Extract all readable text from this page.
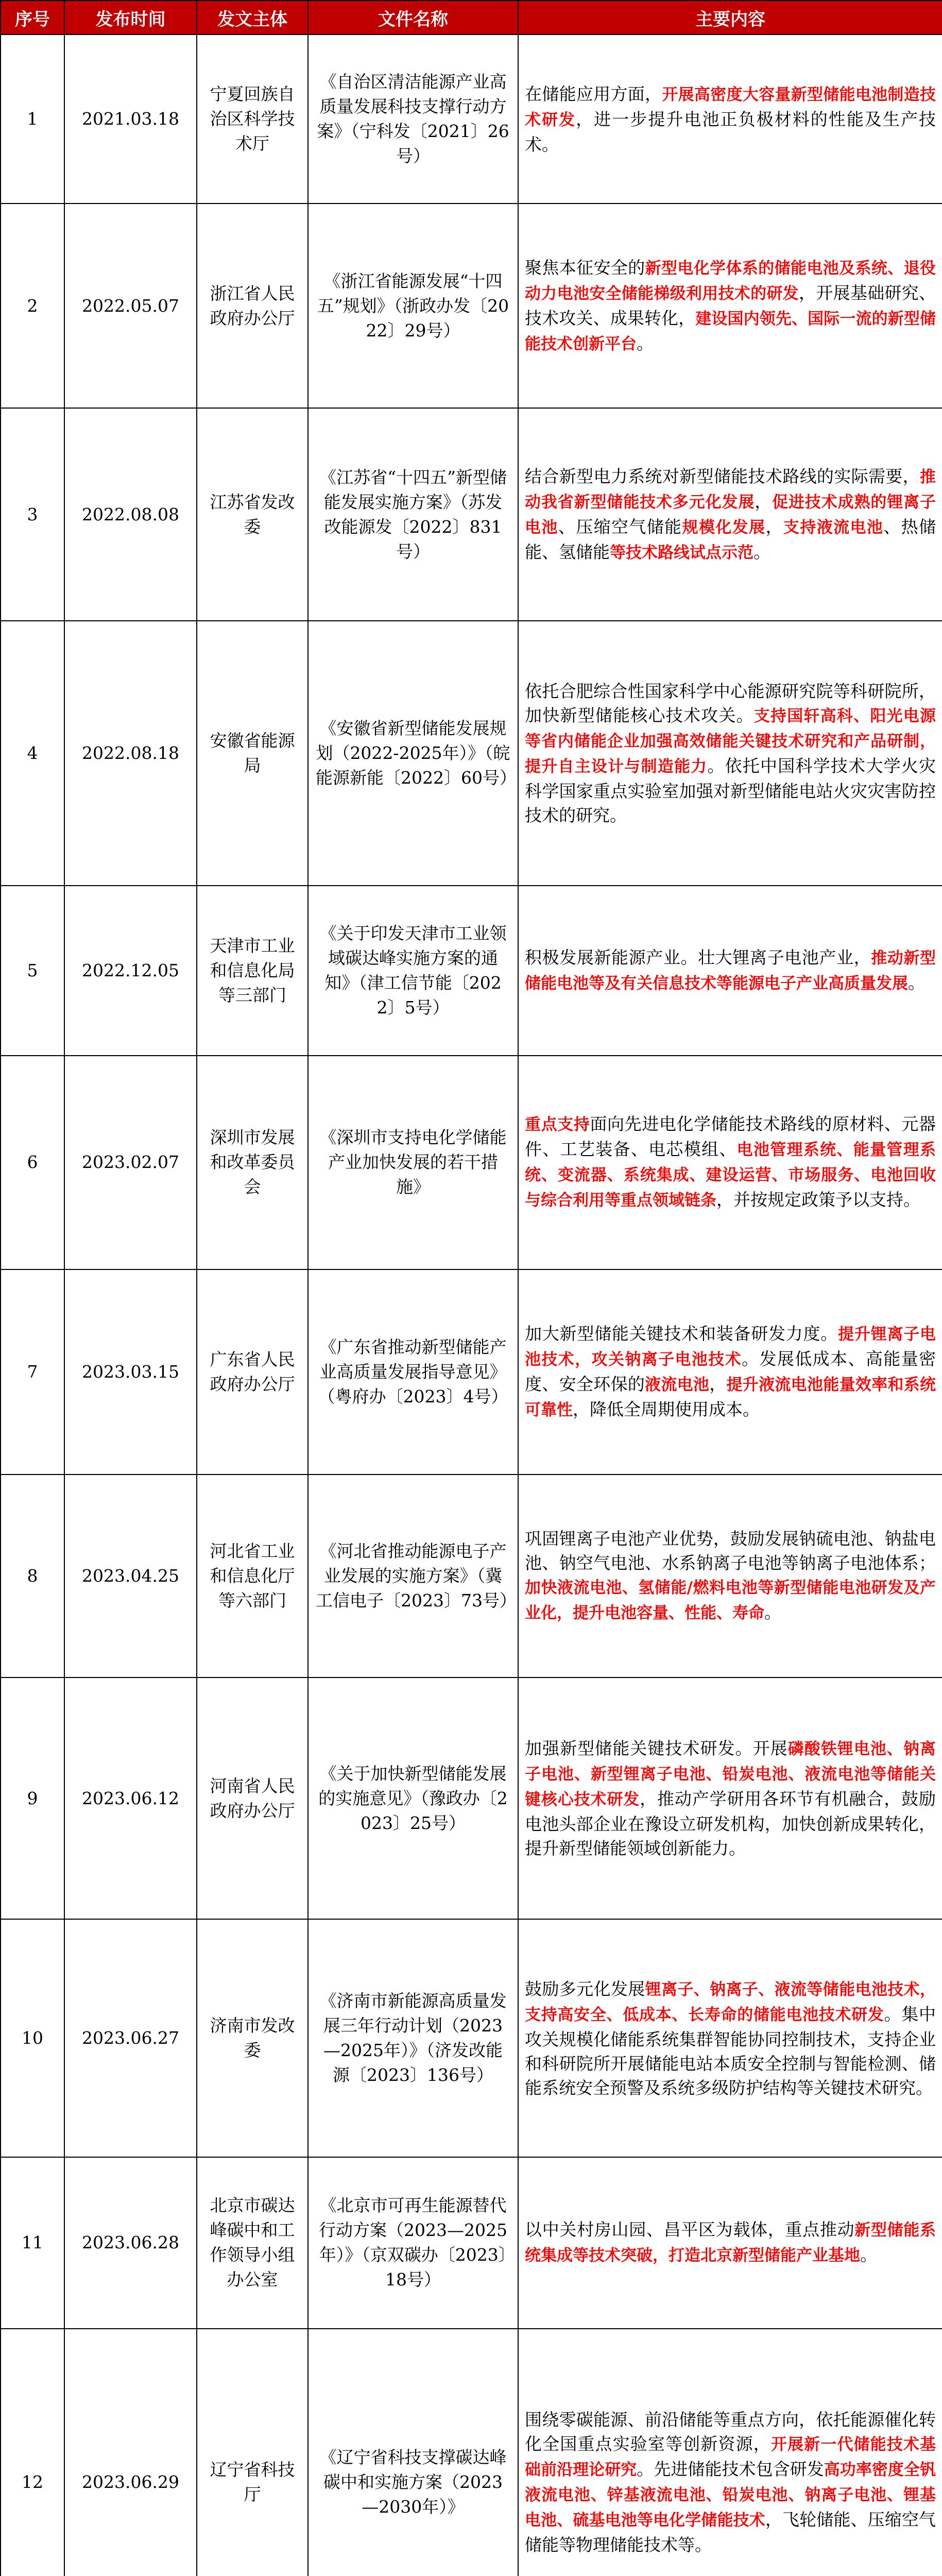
序号	发布时间	发文主体	文件名称	主要内容
1	2021.03.18	宁夏回族自治区科学技术厅	《自治区清洁能源产业高质量发展科技支撑行动方案》（宁科发〔2021〕26号）	在储能应用方面，开展高密度大容量新型储能电池制造技术研发，进一步提升电池正负极材料的性能及生产技术。
2	2022.05.07	浙江省人民政府办公厅	《浙江省能源发展“十四五”规划》（浙政办发〔2022〕29号）	聚焦本征安全的新型电化学体系的储能电池及系统、退役动力电池安全储能梯级利用技术的研发，开展基础研究、技术攻关、成果转化，建设国内领先、国际一流的新型储能技术创新平台。
3	2022.08.08	江苏省发改委	《江苏省“十四五”新型储能发展实施方案》（苏发改能源发〔2022〕831号）	结合新型电力系统对新型储能技术路线的实际需要，推动我省新型储能技术多元化发展，促进技术成熟的锂离子电池、压缩空气储能规模化发展，支持液流电池、热储能、氢储能等技术路线试点示范。
4	2022.08.18	安徽省能源局	《安徽省新型储能发展规划（2022-2025年）》（皖能源新能〔2022〕60号）	依托合肥综合性国家科学中心能源研究院等科研院所，加快新型储能核心技术攻关。支持国轩高科、阳光电源等省内储能企业加强高效储能关键技术研究和产品研制，提升自主设计与制造能力。依托中国科学技术大学火灾科学国家重点实验室加强对新型储能电站火灾灾害防控技术的研究。
5	2022.12.05	天津市工业和信息化局等三部门	《关于印发天津市工业领域碳达峰实施方案的通知》（津工信节能〔2022〕5号）	积极发展新能源产业。壮大锂离子电池产业，推动新型储能电池等及有关信息技术等能源电子产业高质量发展。
6	2023.02.07	深圳市发展和改革委员会	《深圳市支持电化学储能产业加快发展的若干措施》	重点支持面向先进电化学储能技术路线的原材料、元器件、工艺装备、电芯模组、电池管理系统、能量管理系统、变流器、系统集成、建设运营、市场服务、电池回收与综合利用等重点领域链条，并按规定政策予以支持。
7	2023.03.15	广东省人民政府办公厅	《广东省推动新型储能产业高质量发展指导意见》（粤府办〔2023〕4号）	加大新型储能关键技术和装备研发力度。提升锂离子电池技术，攻关钠离子电池技术。发展低成本、高能量密度、安全环保的液流电池，提升液流电池能量效率和系统可靠性，降低全周期使用成本。
8	2023.04.25	河北省工业和信息化厅等六部门	《河北省推动能源电子产业发展的实施方案》（冀工信电子〔2023〕73号）	巩固锂离子电池产业优势，鼓励发展钠硫电池、钠盐电池、钠空气电池、水系钠离子电池等钠离子电池体系；加快液流电池、氢储能/燃料电池等新型储能电池研发及产业化，提升电池容量、性能、寿命。
9	2023.06.12	河南省人民政府办公厅	《关于加快新型储能发展的实施意见》（豫政办〔2023〕25号）	加强新型储能关键技术研发。开展磷酸铁锂电池、钠离子电池、新型锂离子电池、铅炭电池、液流电池等储能关键核心技术研发，推动产学研用各环节有机融合，鼓励电池头部企业在豫设立研发机构，加快创新成果转化，提升新型储能领域创新能力。
10	2023.06.27	济南市发改委	《济南市新能源高质量发展三年行动计划（2023—2025年）》（济发改能源〔2023〕136号）	鼓励多元化发展锂离子、钠离子、液流等储能电池技术，支持高安全、低成本、长寿命的储能电池技术研发。集中攻关规模化储能系统集群智能协同控制技术，支持企业和科研院所开展储能电站本质安全控制与智能检测、储能系统安全预警及系统多级防护结构等关键技术研究。
11	2023.06.28	北京市碳达峰碳中和工作领导小组办公室	《北京市可再生能源替代行动方案（2023—2025年）》（京双碳办〔2023〕18号）	以中关村房山园、昌平区为载体，重点推动新型储能系统集成等技术突破，打造北京新型储能产业基地。
12	2023.06.29	辽宁省科技厅	《辽宁省科技支撑碳达峰碳中和实施方案（2023—2030年）》	围绕零碳能源、前沿储能等重点方向，依托能源催化转化全国重点实验室等创新资源，开展新一代储能技术基础前沿理论研究。先进储能技术包含研发高功率密度全钒液流电池、锌基液流电池、铅炭电池、钠离子电池、锂基电池、硫基电池等电化学储能技术，飞轮储能、压缩空气储能等物理储能技术等。
